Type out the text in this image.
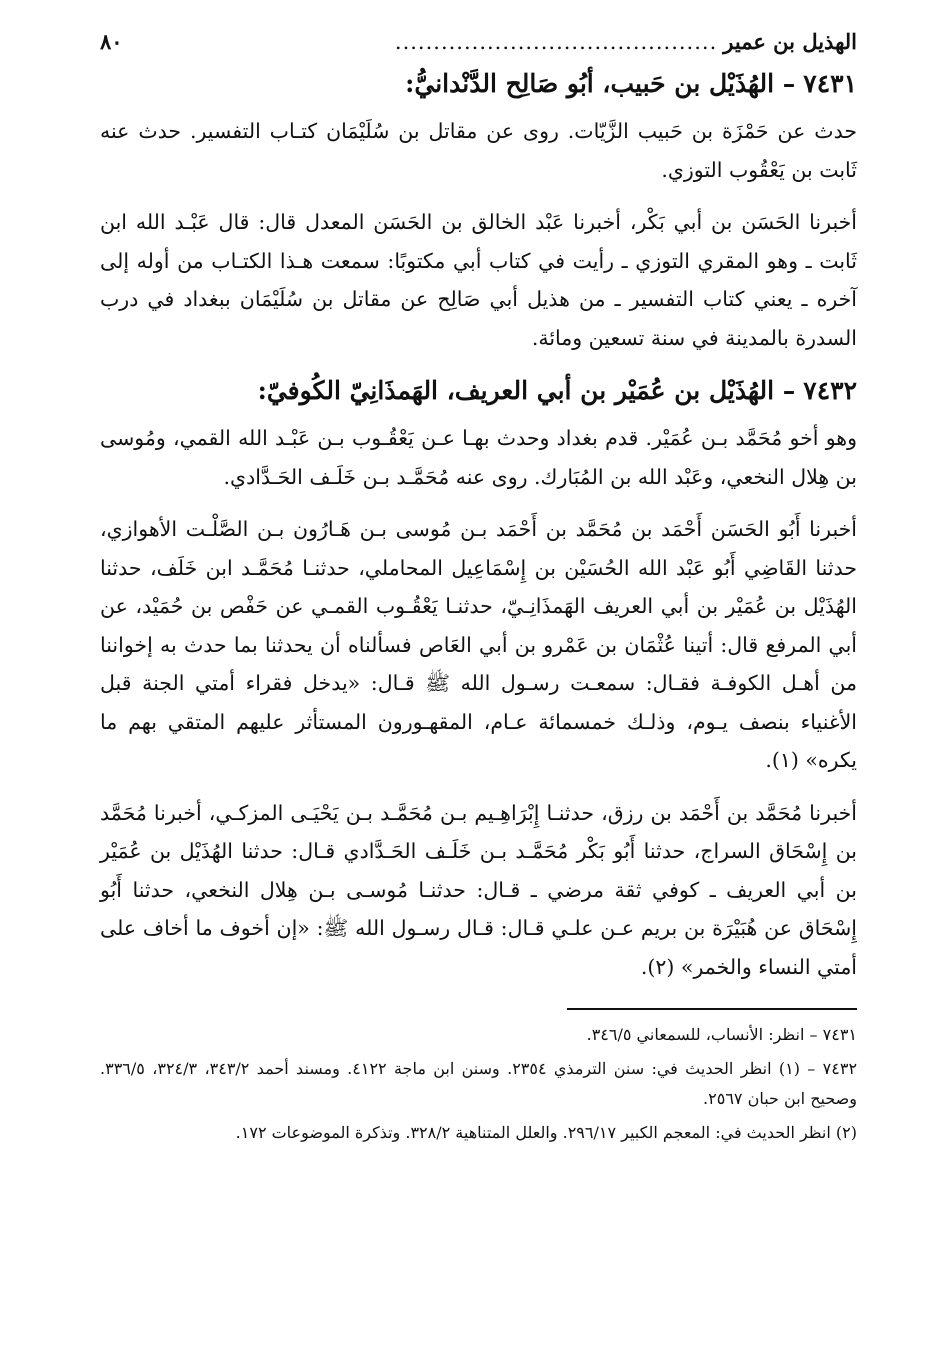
الهذيل بن عمير
..........................................
٨٠
٧٤٣١– الهُذَيْل بن حَبيب، أبُو صَالِح الدَّنْدانيُّ:

حدث عن حَمْزَة بن حَبيب الزَّيّات. روى عن مقاتل بن سُلَيْمَان كتـاب التفسير. حدث عنه ثَابت بن يَعْقُوب التوزي.

أخبرنا الحَسَن بن أبي بَكْر، أخبرنا عَبْد الخالق بن الحَسَن المعدل قال: قال عَبْـد الله ابن ثَابت ـ وهو المقري التوزي ـ رأيت في كتاب أبي مكتوبًا: سمعت هـذا الكتـاب من أوله إلى آخره ـ يعني كتاب التفسير ـ من هذيل أبي صَالِح عن مقاتل بن سُلَيْمَان ببغداد في درب السدرة بالمدينة في سنة تسعين ومائة.

٧٤٣٢– الهُذَيْل بن عُمَيْر بن أبي العريف، الهَمذَانِيّ الكُوفيّ:

وهو أخو مُحَمَّد بـن عُمَيْر. قدم بغداد وحدث بهـا عـن يَعْقُـوب بـن عَبْـد الله القمي، ومُوسى بن هِلال النخعي، وعَبْد الله بن المُبَارك. روى عنه مُحَمَّـد بـن خَلَـف الحَـدَّادي.

أخبرنا أَبُو الحَسَن أَحْمَد بن مُحَمَّد بن أَحْمَد بـن مُوسى بـن هَـارُون بـن الصَّلْـت الأهوازي، حدثنا القَاضِي أَبُو عَبْد الله الحُسَيْن بن إِسْمَاعِيل المحاملي، حدثنـا مُحَمَّـد ابن خَلَف، حدثنا الهُذَيْل بن عُمَيْر بن أبي العريف الهَمذَانِـيّ، حدثنـا يَعْقُـوب القمـي عن حَفْص بن حُمَيْد، عن أبي المرفع قال: أتينا عُثْمَان بن عَمْرو بن أبي العَاص فسألناه أن يحدثنا بما حدث به إخواننا من أهـل الكوفـة فقـال: سمعـت رسـول الله ﷺ قـال: «يدخل فقراء أمتي الجنة قبل الأغنياء بنصف يـوم، وذلـك خمسمائة عـام، المقهـورون المستأثر عليهم المتقي بهم ما يكره» (١).

أخبرنا مُحَمَّد بن أَحْمَد بن رزق، حدثنـا إِبْرَاهِـيم بـن مُحَمَّـد بـن يَحْيَـى المزكـي، أخبرنا مُحَمَّد بن إِسْحَاق السراج، حدثنا أَبُو بَكْر مُحَمَّـد بـن خَلَـف الحَـدَّادي قـال: حدثنا الهُذَيْل بن عُمَيْر بن أبي العريف ـ كوفي ثقة مرضي ـ قـال: حدثنـا مُوسـى بـن هِلال النخعي، حدثنا أَبُو إِسْحَاق عن هُبَيْرَة بن بريم عـن علـي قـال: قـال رسـول الله ﷺ: «إن أخوف ما أخاف على أمتي النساء والخمر» (٢).

٧٤٣١ – انظر: الأنساب، للسمعاني ٣٤٦/٥.

٧٤٣٢ – (١) انظر الحديث في: سنن الترمذي ٢٣٥٤. وسنن ابن ماجة ٤١٢٢. ومسند أحمد ٣٤٣/٢، ٣٢٤/٣، ٣٣٦/٥. وصحيح ابن حبان ٢٥٦٧.

(٢) انظر الحديث في: المعجم الكبير ٢٩٦/١٧. والعلل المتناهية ٣٢٨/٢. وتذكرة الموضوعات ١٧٢.
